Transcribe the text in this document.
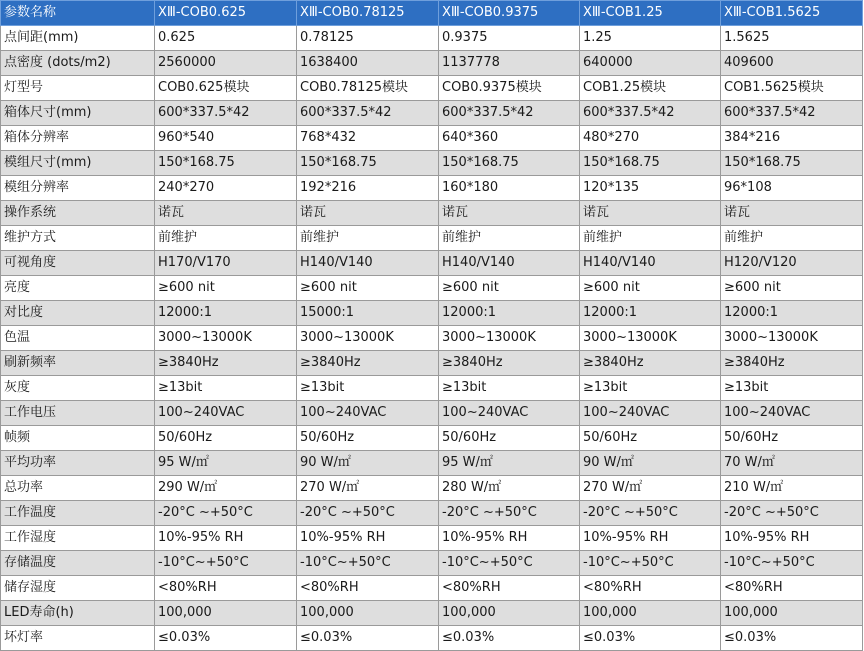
参数名称	XⅢ-COB0.625	XⅢ-COB0.78125	XⅢ-COB0.9375	XⅢ-COB1.25	XⅢ-COB1.5625
点间距(mm)	0.625	0.78125	0.9375	1.25	1.5625
点密度 (dots/m2)	2560000	1638400	1137778	640000	409600
灯型号	COB0.625模块	COB0.78125模块	COB0.9375模块	COB1.25模块	COB1.5625模块
箱体尺寸(mm)	600*337.5*42	600*337.5*42	600*337.5*42	600*337.5*42	600*337.5*42
箱体分辨率	960*540	768*432	640*360	480*270	384*216
模组尺寸(mm)	150*168.75	150*168.75	150*168.75	150*168.75	150*168.75
模组分辨率	240*270	192*216	160*180	120*135	96*108
操作系统	诺瓦	诺瓦	诺瓦	诺瓦	诺瓦
维护方式	前维护	前维护	前维护	前维护	前维护
可视角度	H170/V170	H140/V140	H140/V140	H140/V140	H120/V120
亮度	≥600 nit	≥600 nit	≥600 nit	≥600 nit	≥600 nit
对比度	12000:1	15000:1	12000:1	12000:1	12000:1
色温	3000~13000K	3000~13000K	3000~13000K	3000~13000K	3000~13000K
刷新频率	≥3840Hz	≥3840Hz	≥3840Hz	≥3840Hz	≥3840Hz
灰度	≥13bit	≥13bit	≥13bit	≥13bit	≥13bit
工作电压	100~240VAC	100~240VAC	100~240VAC	100~240VAC	100~240VAC
帧频	50/60Hz	50/60Hz	50/60Hz	50/60Hz	50/60Hz
平均功率	95 W/㎡	90 W/㎡	95 W/㎡	90 W/㎡	70 W/㎡
总功率	290 W/㎡	270 W/㎡	280 W/㎡	270 W/㎡	210 W/㎡
工作温度	-20°C ~+50°C	-20°C ~+50°C	-20°C ~+50°C	-20°C ~+50°C	-20°C ~+50°C
工作湿度	10%-95% RH	10%-95% RH	10%-95% RH	10%-95% RH	10%-95% RH
存储温度	-10°C~+50°C	-10°C~+50°C	-10°C~+50°C	-10°C~+50°C	-10°C~+50°C
储存湿度	<80%RH	<80%RH	<80%RH	<80%RH	<80%RH
LED寿命(h)	100,000	100,000	100,000	100,000	100,000
坏灯率	≤0.03%	≤0.03%	≤0.03%	≤0.03%	≤0.03%
